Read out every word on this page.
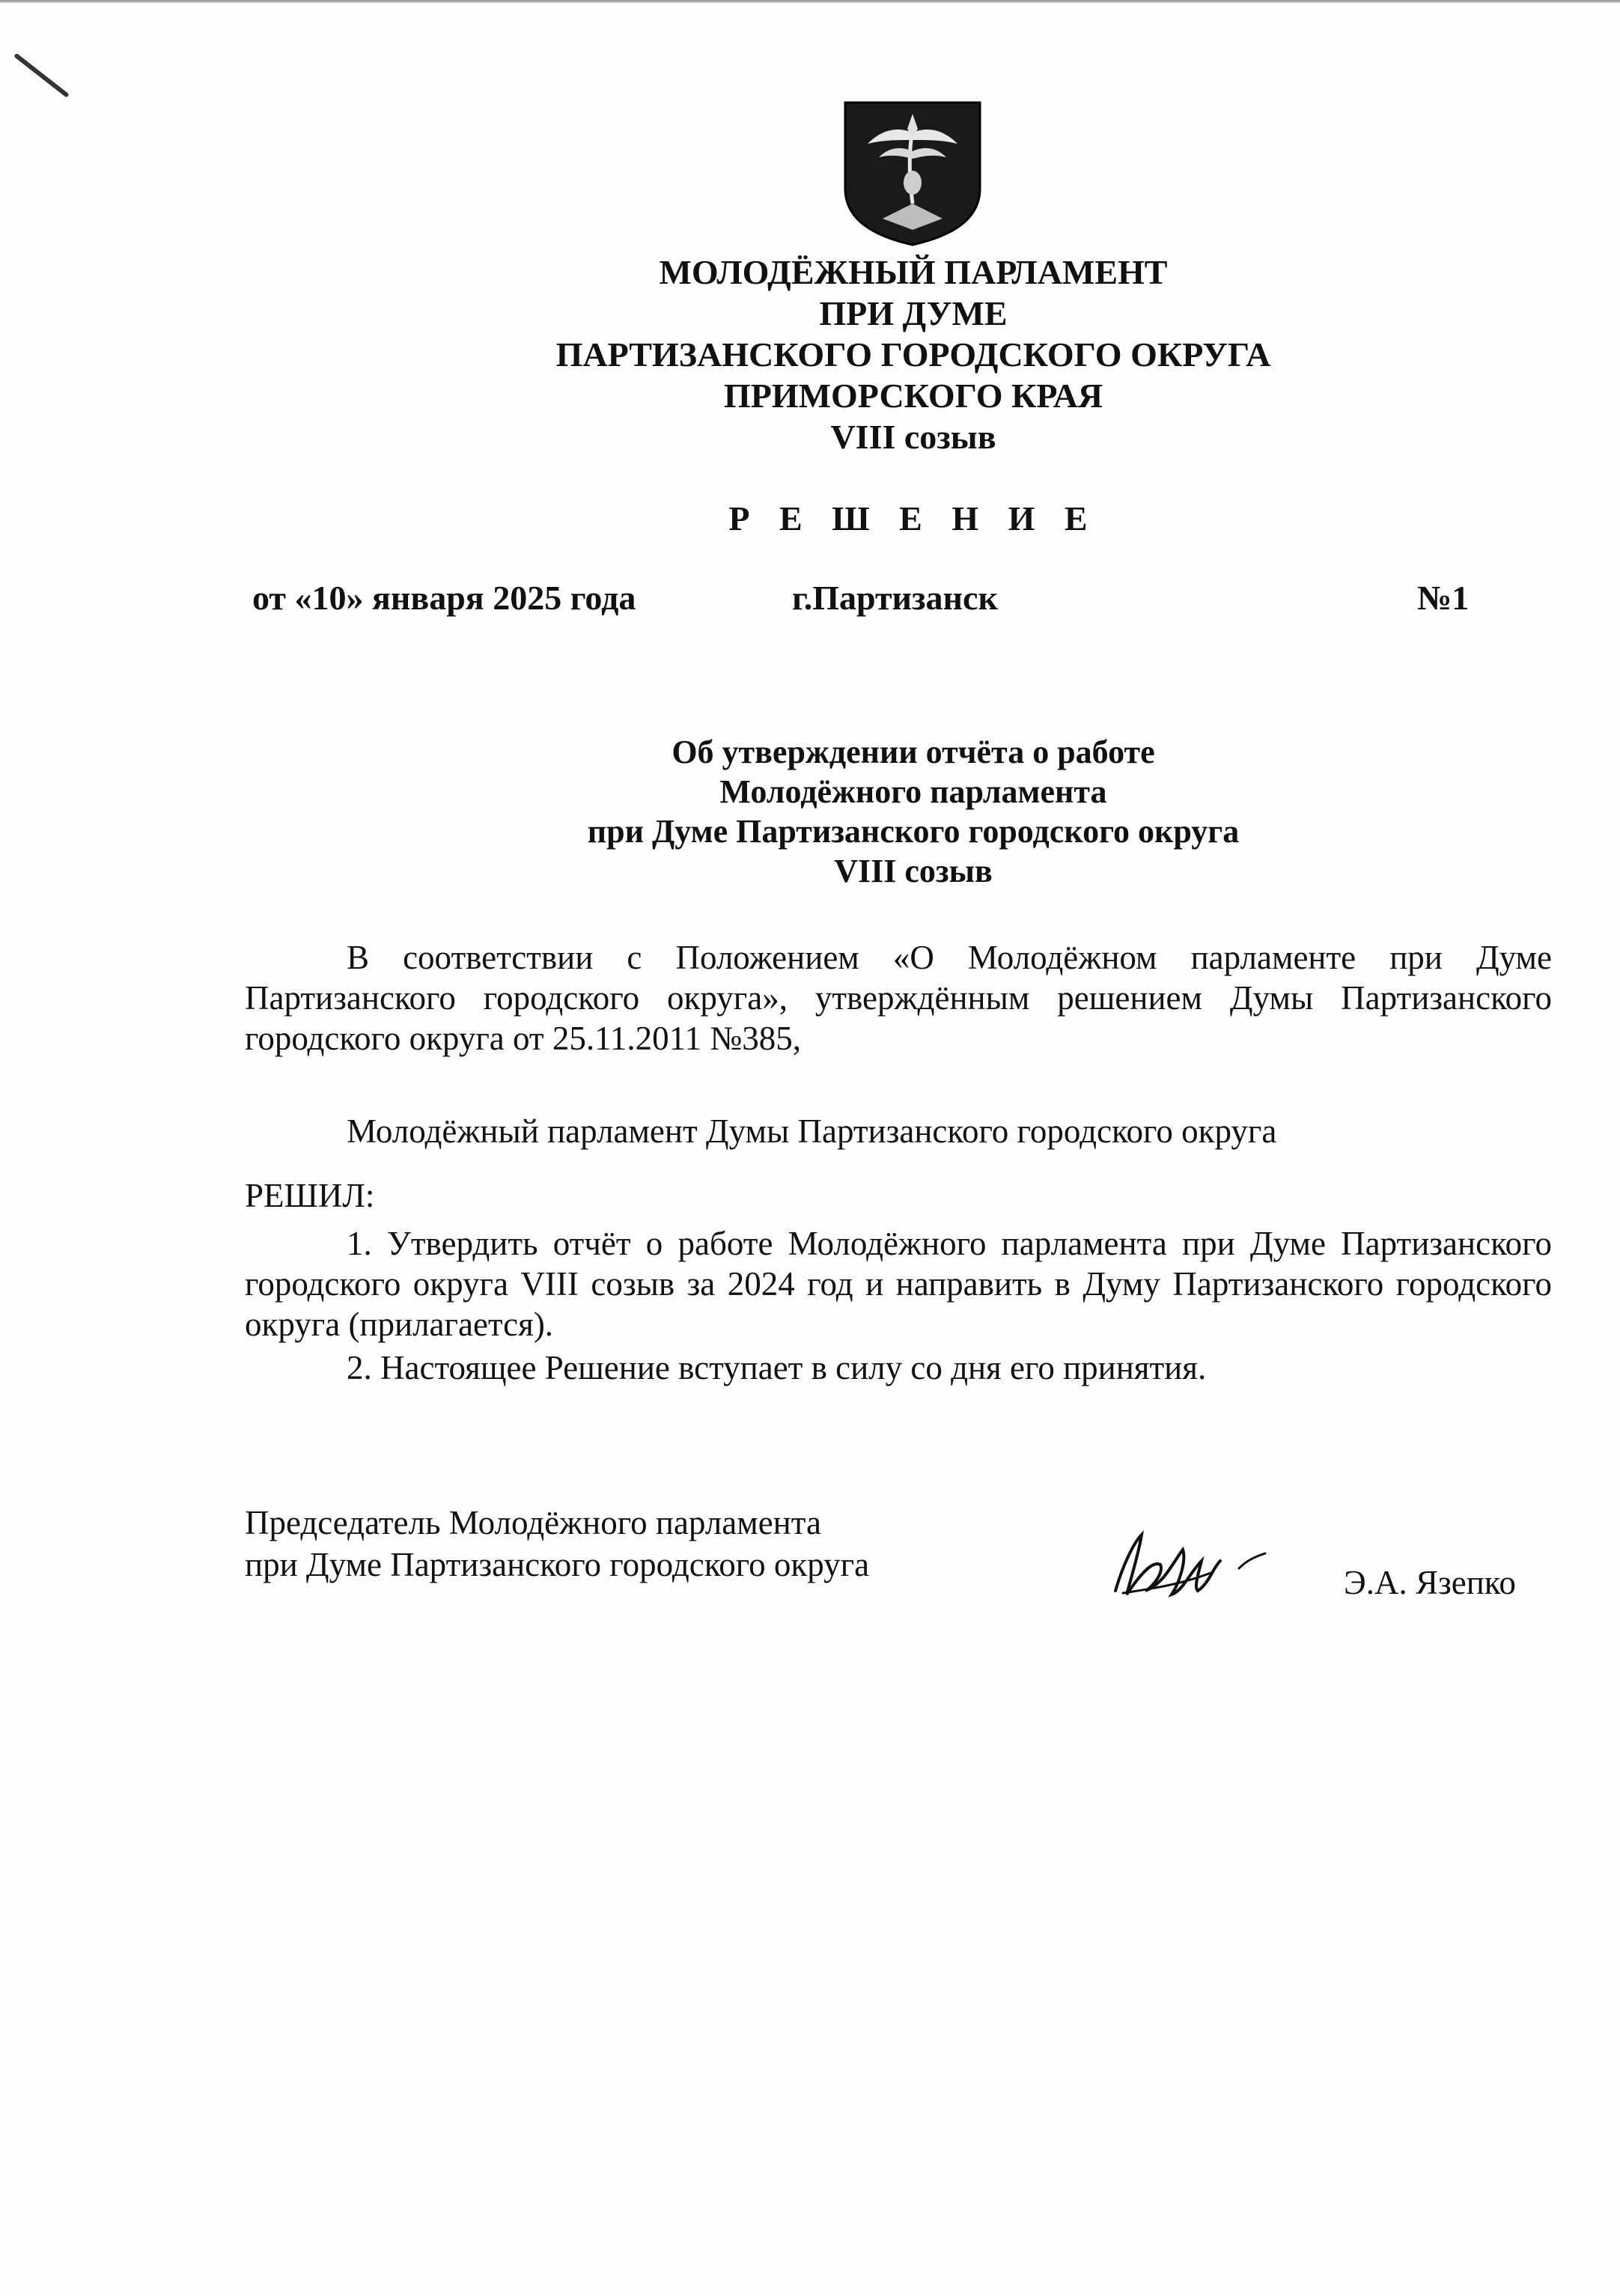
МОЛОДЁЖНЫЙ ПАРЛАМЕНТ
ПРИ ДУМЕ
ПАРТИЗАНСКОГО ГОРОДСКОГО ОКРУГА
ПРИМОРСКОГО КРАЯ
VIII созыв
Р Е Ш Е Н И Е
от «10» января 2025 года	г.Партизанск	№1
Об утверждении отчёта о работе
Молодёжного парламента
при Думе Партизанского городского округа
VIII созыв
В соответствии с Положением «О Молодёжном парламенте при Думе Партизанского городского округа», утверждённым решением Думы Партизанского городского округа от 25.11.2011 №385,
Молодёжный парламент Думы Партизанского городского округа
РЕШИЛ:
1. Утвердить отчёт о работе Молодёжного парламента при Думе Партизанского городского округа VIII созыв за 2024 год и направить в Думу Партизанского городского округа (прилагается).
2. Настоящее Решение вступает в силу со дня его принятия.
Председатель Молодёжного парламента
при Думе Партизанского городского округа	Э.А. Язепко
